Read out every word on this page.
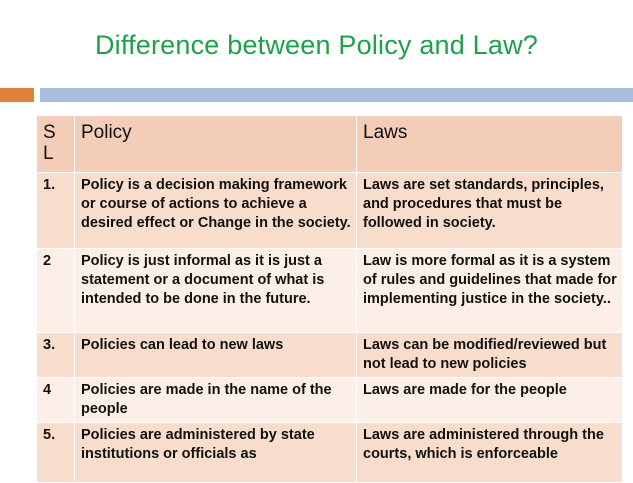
Difference between Policy and Law?
S L	Policy	Laws
1.	Policy is a decision making framework or course of actions to achieve a desired effect or Change in the society.	Laws are set standards, principles, and procedures that must be followed in society.
2	Policy is just informal as it is just a statement or a document of what is intended to be done in the future.	Law is more formal as it is a system of rules and guidelines that made for implementing justice in the society..
3.	Policies can lead to new laws	Laws can be modified/reviewed but not lead to new policies
4	Policies are made in the name of the people	Laws are made for the people
5.	Policies are administered by state institutions or officials as	Laws are administered through the courts, which is enforceable
